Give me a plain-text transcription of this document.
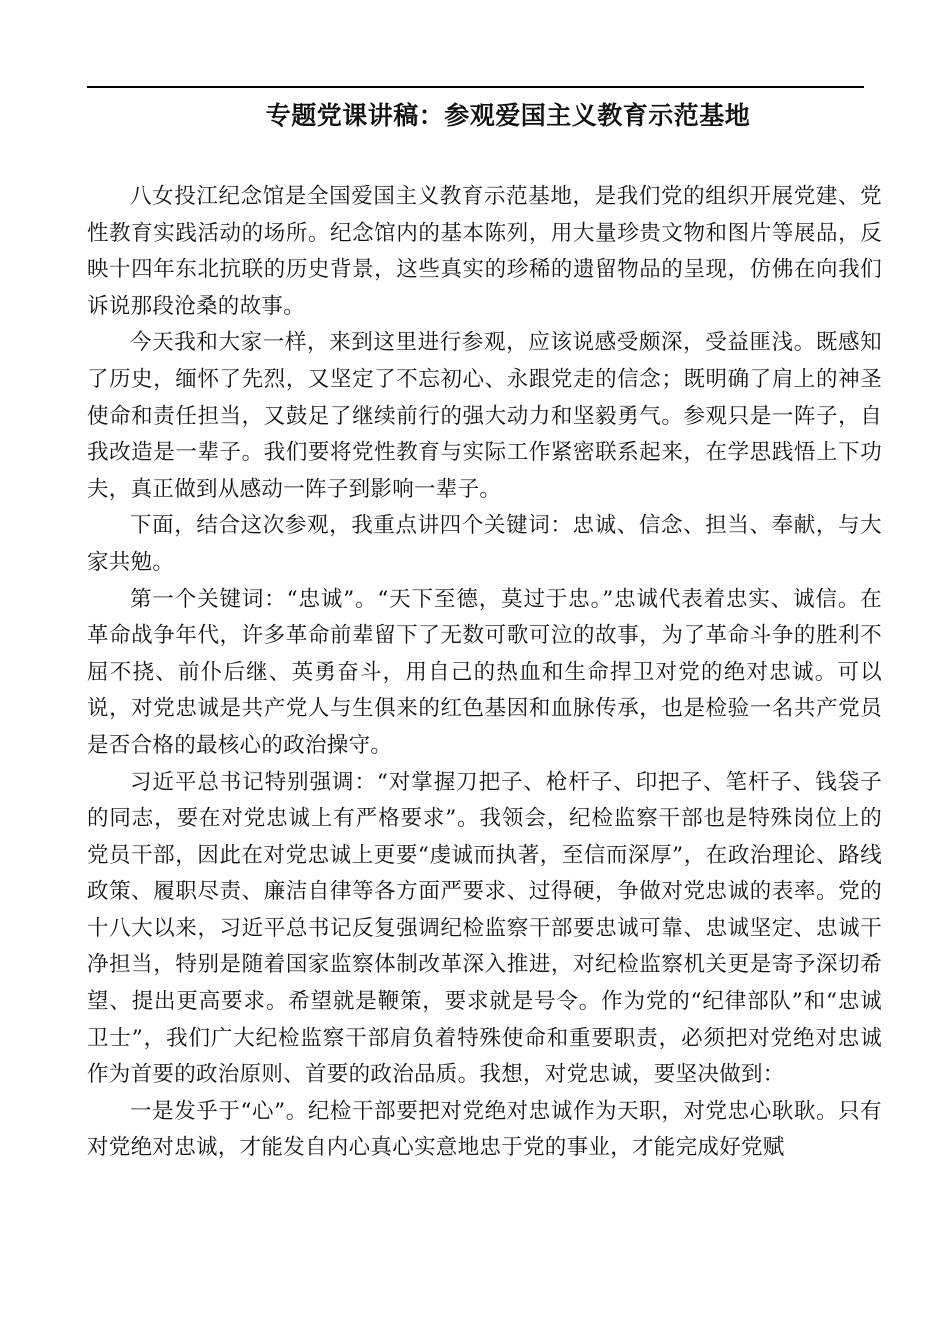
专题党课讲稿：参观爱国主义教育示范基地

八女投江纪念馆是全国爱国主义教育示范基地，是我们党的组织开展党建、党性教育实践活动的场所。纪念馆内的基本陈列，用大量珍贵文物和图片等展品，反映十四年东北抗联的历史背景，这些真实的珍稀的遗留物品的呈现，仿佛在向我们诉说那段沧桑的故事。

今天我和大家一样，来到这里进行参观，应该说感受颇深，受益匪浅。既感知了历史，缅怀了先烈，又坚定了不忘初心、永跟党走的信念；既明确了肩上的神圣使命和责任担当，又鼓足了继续前行的强大动力和坚毅勇气。参观只是一阵子，自我改造是一辈子。我们要将党性教育与实际工作紧密联系起来，在学思践悟上下功夫，真正做到从感动一阵子到影响一辈子。

下面，结合这次参观，我重点讲四个关键词：忠诚、信念、担当、奉献，与大家共勉。

第一个关键词：“忠诚”。“天下至德，莫过于忠。”忠诚代表着忠实、诚信。在革命战争年代，许多革命前辈留下了无数可歌可泣的故事，为了革命斗争的胜利不屈不挠、前仆后继、英勇奋斗，用自己的热血和生命捍卫对党的绝对忠诚。可以说，对党忠诚是共产党人与生俱来的红色基因和血脉传承，也是检验一名共产党员是否合格的最核心的政治操守。

习近平总书记特别强调：“对掌握刀把子、枪杆子、印把子、笔杆子、钱袋子的同志，要在对党忠诚上有严格要求”。我领会，纪检监察干部也是特殊岗位上的党员干部，因此在对党忠诚上更要“虔诚而执著，至信而深厚”，在政治理论、路线政策、履职尽责、廉洁自律等各方面严要求、过得硬，争做对党忠诚的表率。党的十八大以来，习近平总书记反复强调纪检监察干部要忠诚可靠、忠诚坚定、忠诚干净担当，特别是随着国家监察体制改革深入推进，对纪检监察机关更是寄予深切希望、提出更高要求。希望就是鞭策，要求就是号令。作为党的“纪律部队”和“忠诚卫士”，我们广大纪检监察干部肩负着特殊使命和重要职责，必须把对党绝对忠诚作为首要的政治原则、首要的政治品质。我想，对党忠诚，要坚决做到：

一是发乎于“心”。纪检干部要把对党绝对忠诚作为天职，对党忠心耿耿。只有对党绝对忠诚，才能发自内心真心实意地忠于党的事业，才能完成好党赋
